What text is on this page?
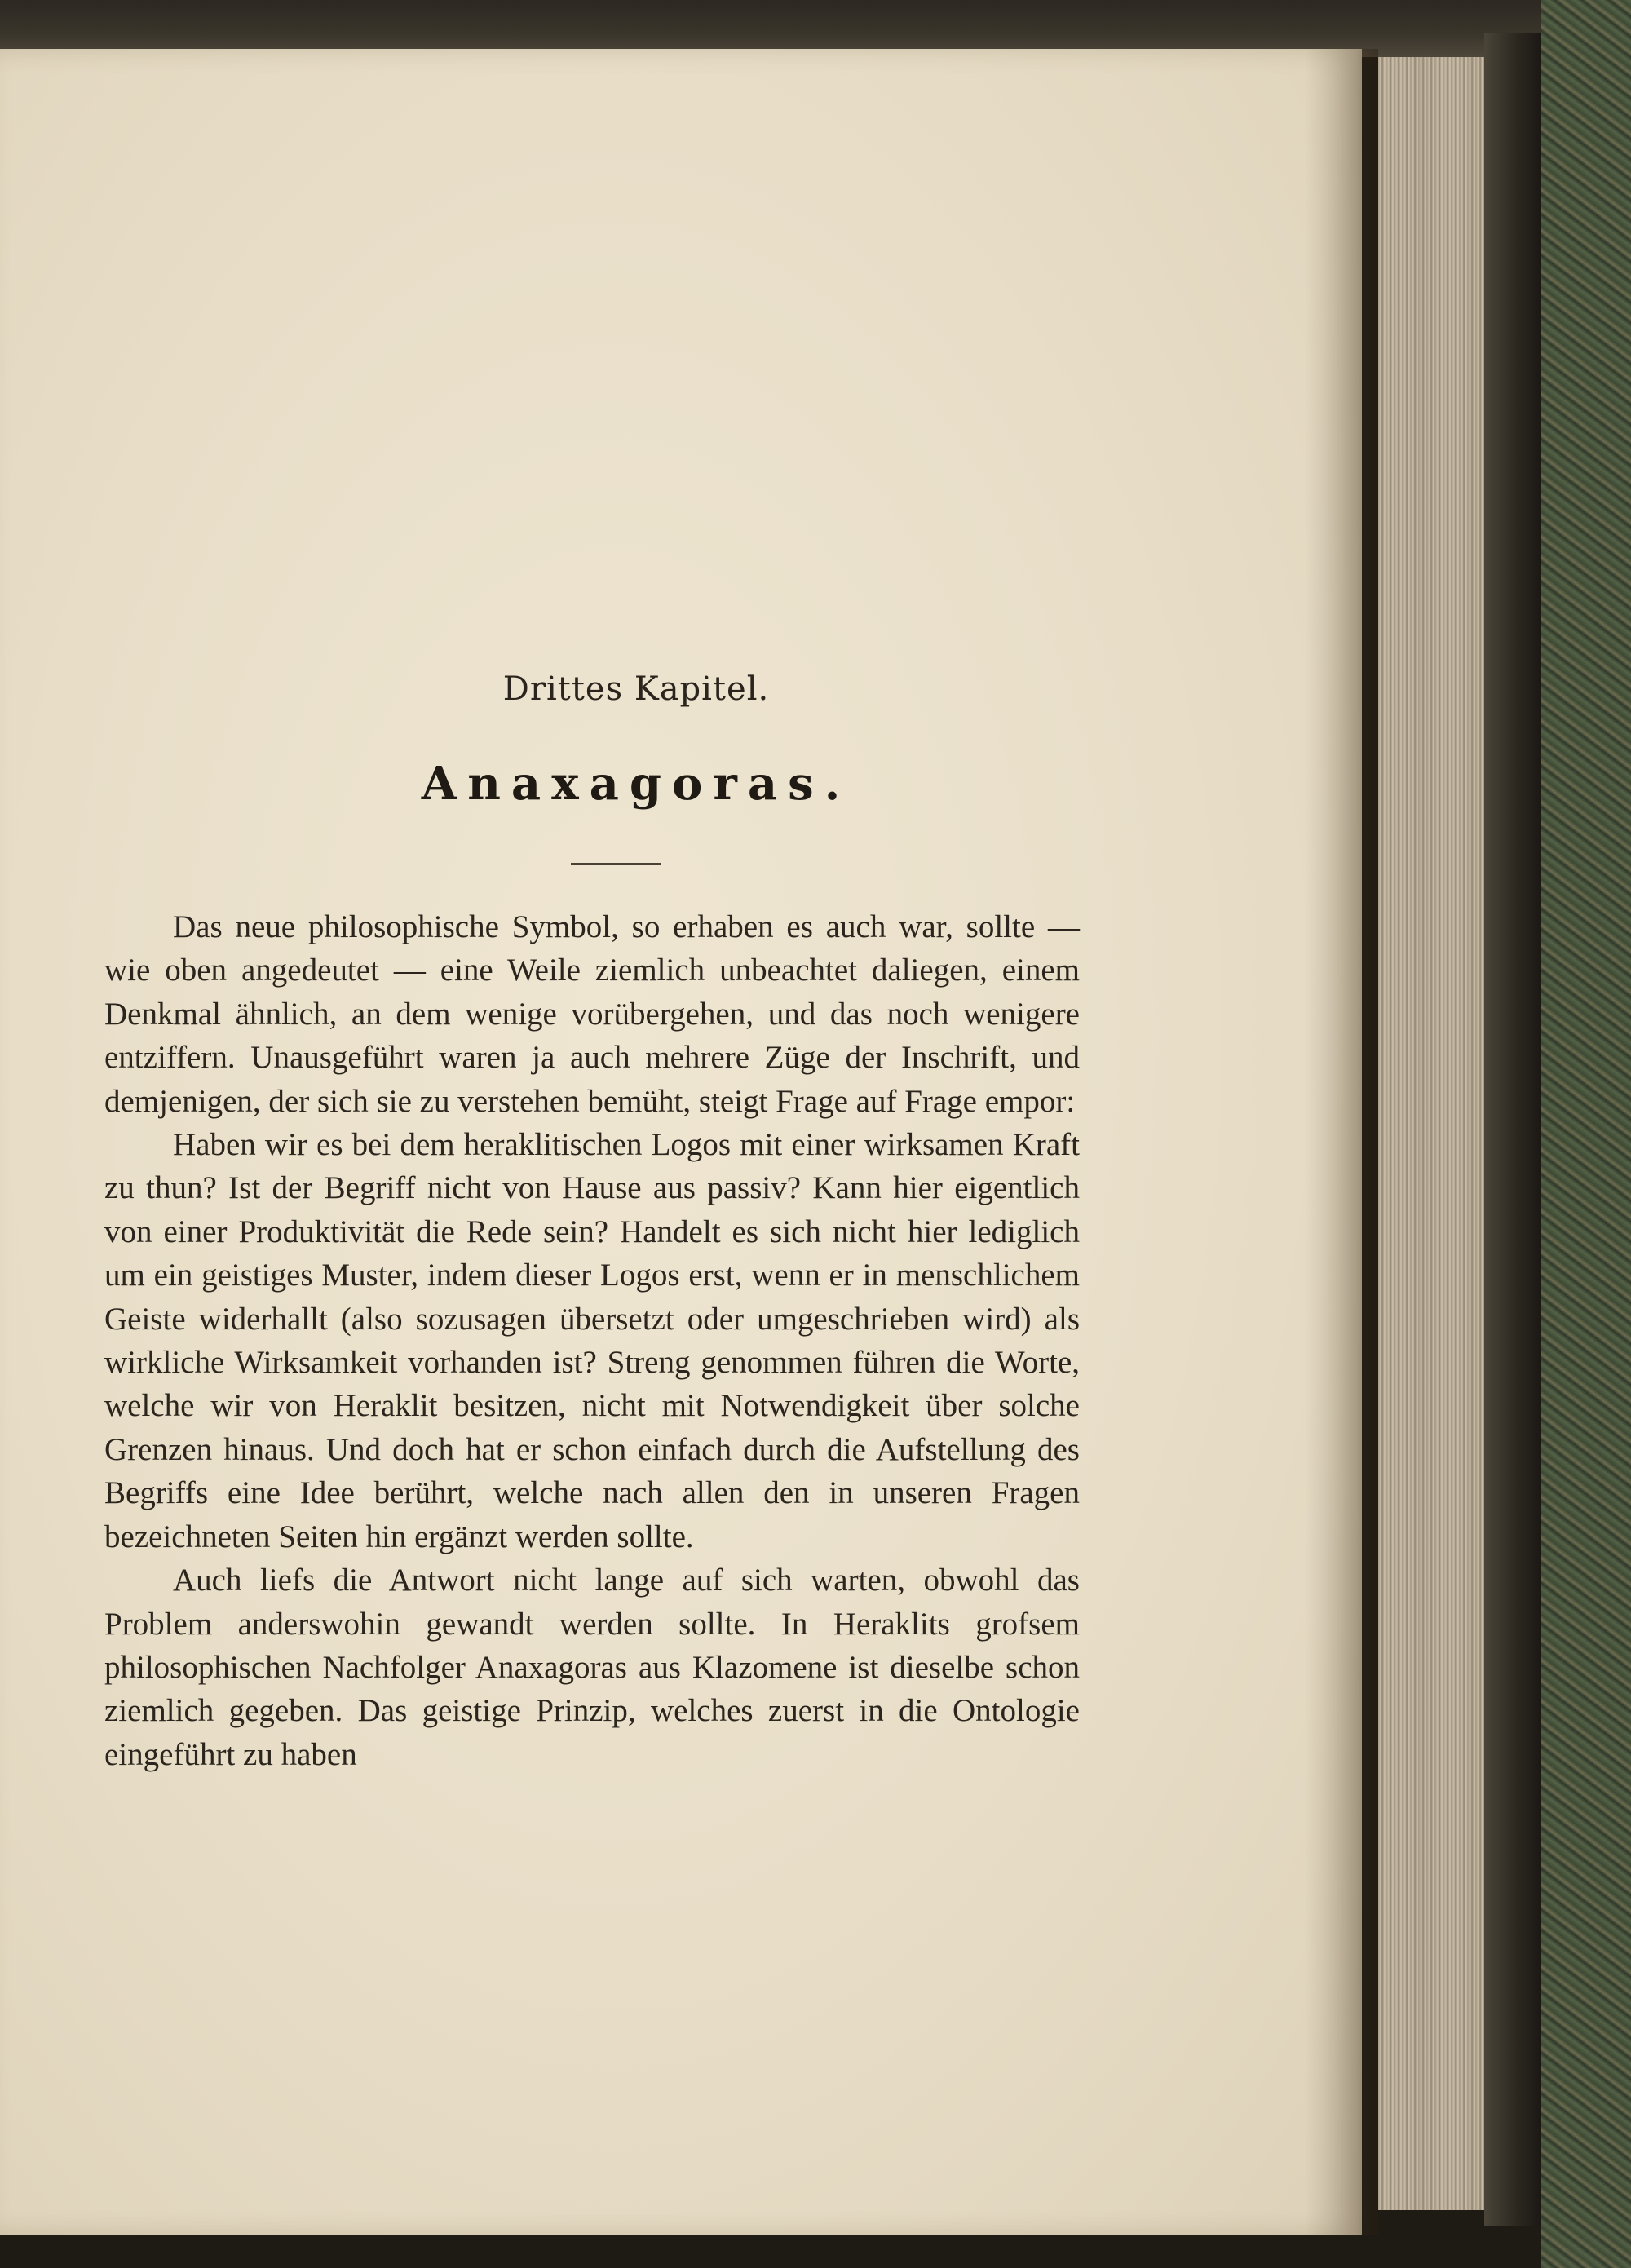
Drittes Kapitel.
Anaxagoras.

Das neue philosophische Symbol, so erhaben es auch war, sollte — wie oben angedeutet — eine Weile ziemlich unbeachtet daliegen, einem Denkmal ähnlich, an dem wenige vorübergehen, und das noch wenigere entziffern. Unausgeführt waren ja auch mehrere Züge der Inschrift, und demjenigen, der sich sie zu verstehen bemüht, steigt Frage auf Frage empor:

Haben wir es bei dem heraklitischen Logos mit einer wirksamen Kraft zu thun? Ist der Begriff nicht von Hause aus passiv? Kann hier eigentlich von einer Produktivität die Rede sein? Handelt es sich nicht hier lediglich um ein geistiges Muster, indem dieser Logos erst, wenn er in menschlichem Geiste widerhallt (also sozusagen übersetzt oder umgeschrieben wird) als wirkliche Wirksamkeit vorhanden ist? Streng genommen führen die Worte, welche wir von Heraklit besitzen, nicht mit Notwendigkeit über solche Grenzen hinaus. Und doch hat er schon einfach durch die Aufstellung des Begriffs eine Idee berührt, welche nach allen den in unseren Fragen bezeichneten Seiten hin ergänzt werden sollte.

Auch liefs die Antwort nicht lange auf sich warten, obwohl das Problem anderswohin gewandt werden sollte. In Heraklits grofsem philosophischen Nachfolger Anaxagoras aus Klazomene ist dieselbe schon ziemlich gegeben. Das geistige Prinzip, welches zuerst in die Ontologie eingeführt zu haben
